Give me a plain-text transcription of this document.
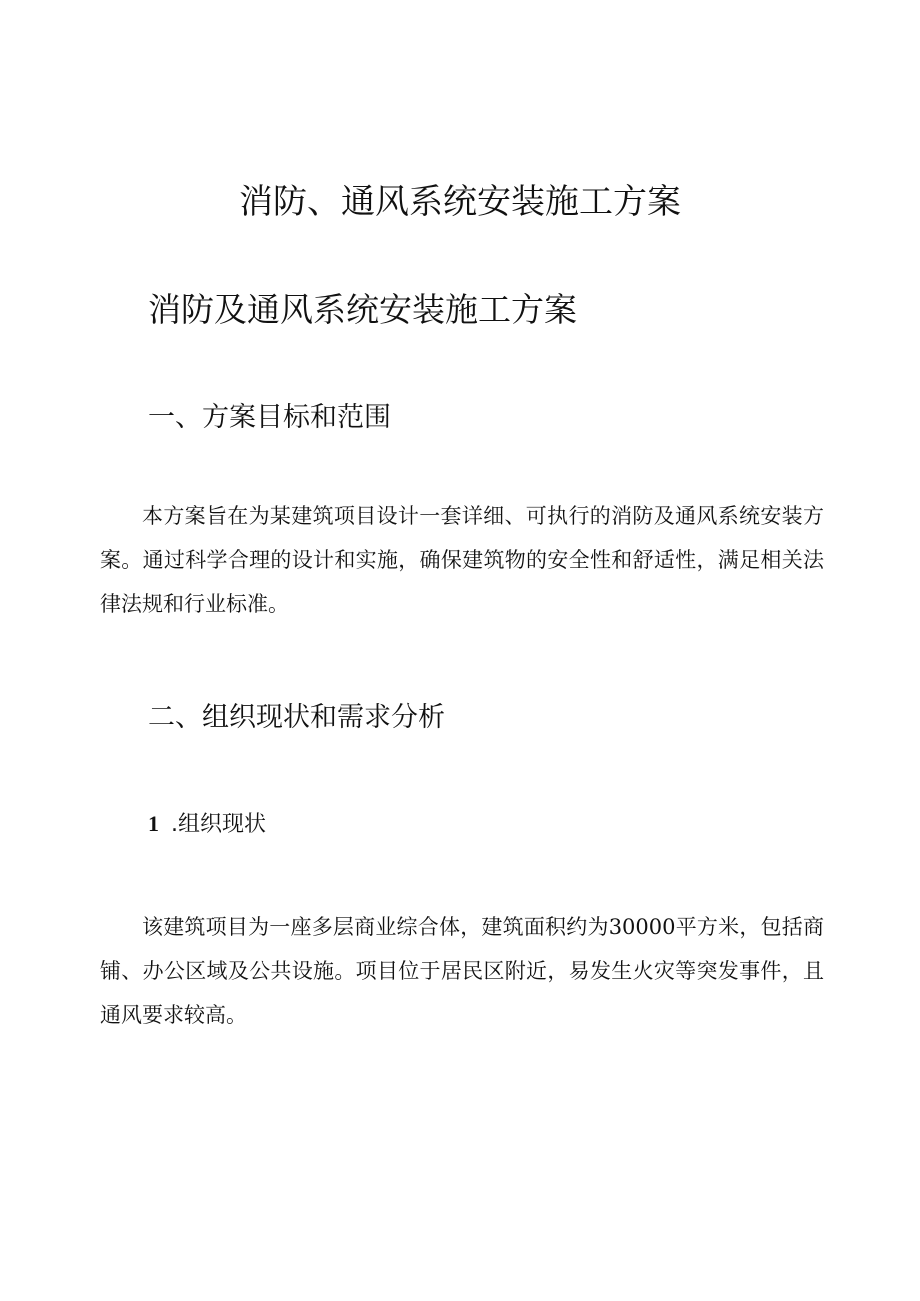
消防、通风系统安装施工方案
消防及通风系统安装施工方案
一、方案目标和范围

本方案旨在为某建筑项目设计一套详细、可执行的消防及通风系统安装方案。通过科学合理的设计和实施，确保建筑物的安全性和舒适性，满足相关法律法规和行业标准。

二、组织现状和需求分析
1 .组织现状

该建筑项目为一座多层商业综合体，建筑面积约为30000平方米，包括商铺、办公区域及公共设施。项目位于居民区附近，易发生火灾等突发事件，且通风要求较高。
